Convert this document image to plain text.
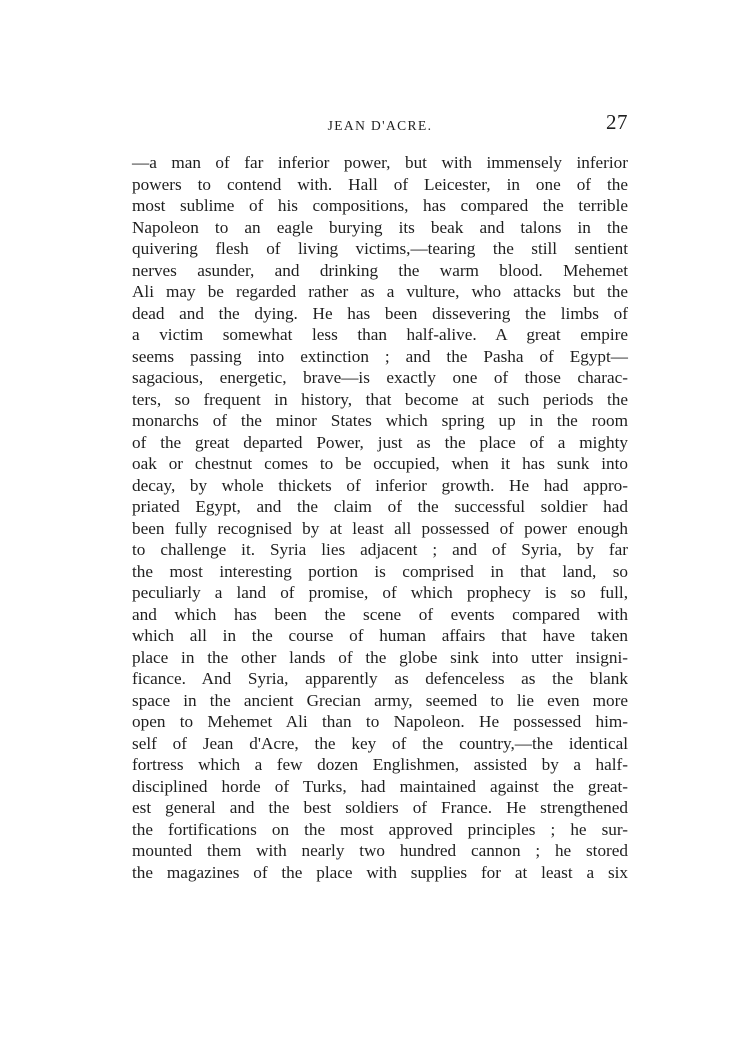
JEAN D'ACRE.	27
—a man of far inferior power, but with immensely inferior
powers to contend with. Hall of Leicester, in one of the
most sublime of his compositions, has compared the terrible
Napoleon to an eagle burying its beak and talons in the
quivering flesh of living victims,—tearing the still sentient
nerves asunder, and drinking the warm blood. Mehemet
Ali may be regarded rather as a vulture, who attacks but the
dead and the dying. He has been dissevering the limbs of
a victim somewhat less than half-alive. A great empire
seems passing into extinction ; and the Pasha of Egypt—
sagacious, energetic, brave—is exactly one of those charac-
ters, so frequent in history, that become at such periods the
monarchs of the minor States which spring up in the room
of the great departed Power, just as the place of a mighty
oak or chestnut comes to be occupied, when it has sunk into
decay, by whole thickets of inferior growth. He had appro-
priated Egypt, and the claim of the successful soldier had
been fully recognised by at least all possessed of power enough
to challenge it. Syria lies adjacent ; and of Syria, by far
the most interesting portion is comprised in that land, so
peculiarly a land of promise, of which prophecy is so full,
and which has been the scene of events compared with
which all in the course of human affairs that have taken
place in the other lands of the globe sink into utter insigni-
ficance. And Syria, apparently as defenceless as the blank
space in the ancient Grecian army, seemed to lie even more
open to Mehemet Ali than to Napoleon. He possessed him-
self of Jean d'Acre, the key of the country,—the identical
fortress which a few dozen Englishmen, assisted by a half-
disciplined horde of Turks, had maintained against the great-
est general and the best soldiers of France. He strengthened
the fortifications on the most approved principles ; he sur-
mounted them with nearly two hundred cannon ; he stored
the magazines of the place with supplies for at least a six
